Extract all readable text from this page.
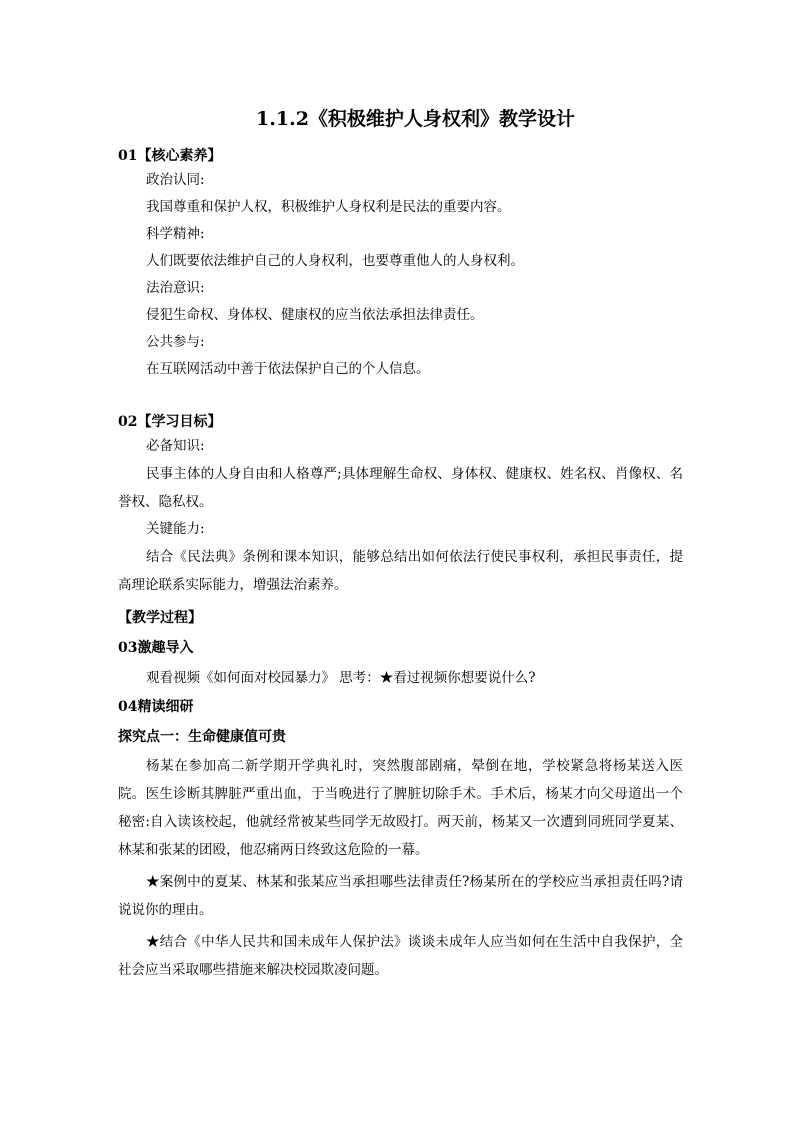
1.1.2《积极维护人身权利》教学设计

01【核心素养】

政治认同:

我国尊重和保护人权，积极维护人身权利是民法的重要内容。

科学精神:

人们既要依法维护自己的人身权利，也要尊重他人的人身权利。

法治意识:

侵犯生命权、身体权、健康权的应当依法承担法律责任。

公共参与:

在互联网活动中善于依法保护自己的个人信息。

02【学习目标】

必备知识:

民事主体的人身自由和人格尊严;具体理解生命权、身体权、健康权、姓名权、肖像权、名誉权、隐私权。

关键能力:

结合《民法典》条例和课本知识，能够总结出如何依法行使民事权利，承担民事责任，提高理论联系实际能力，增强法治素养。

【教学过程】

03激趣导入

观看视频《如何面对校园暴力》 思考：★看过视频你想要说什么?

04精读细研

探究点一：生命健康值可贵

杨某在参加高二新学期开学典礼时，突然腹部剧痛，晕倒在地，学校紧急将杨某送入医院。医生诊断其脾脏严重出血，于当晚进行了脾脏切除手术。手术后，杨某才向父母道出一个秘密:自入读该校起，他就经常被某些同学无故殴打。两天前，杨某又一次遭到同班同学夏某、林某和张某的团殴，他忍痛两日终致这危险的一幕。

★案例中的夏某、林某和张某应当承担哪些法律责任?杨某所在的学校应当承担责任吗?请说说你的理由。

★结合《中华人民共和国未成年人保护法》谈谈未成年人应当如何在生活中自我保护，全社会应当采取哪些措施来解决校园欺凌问题。
